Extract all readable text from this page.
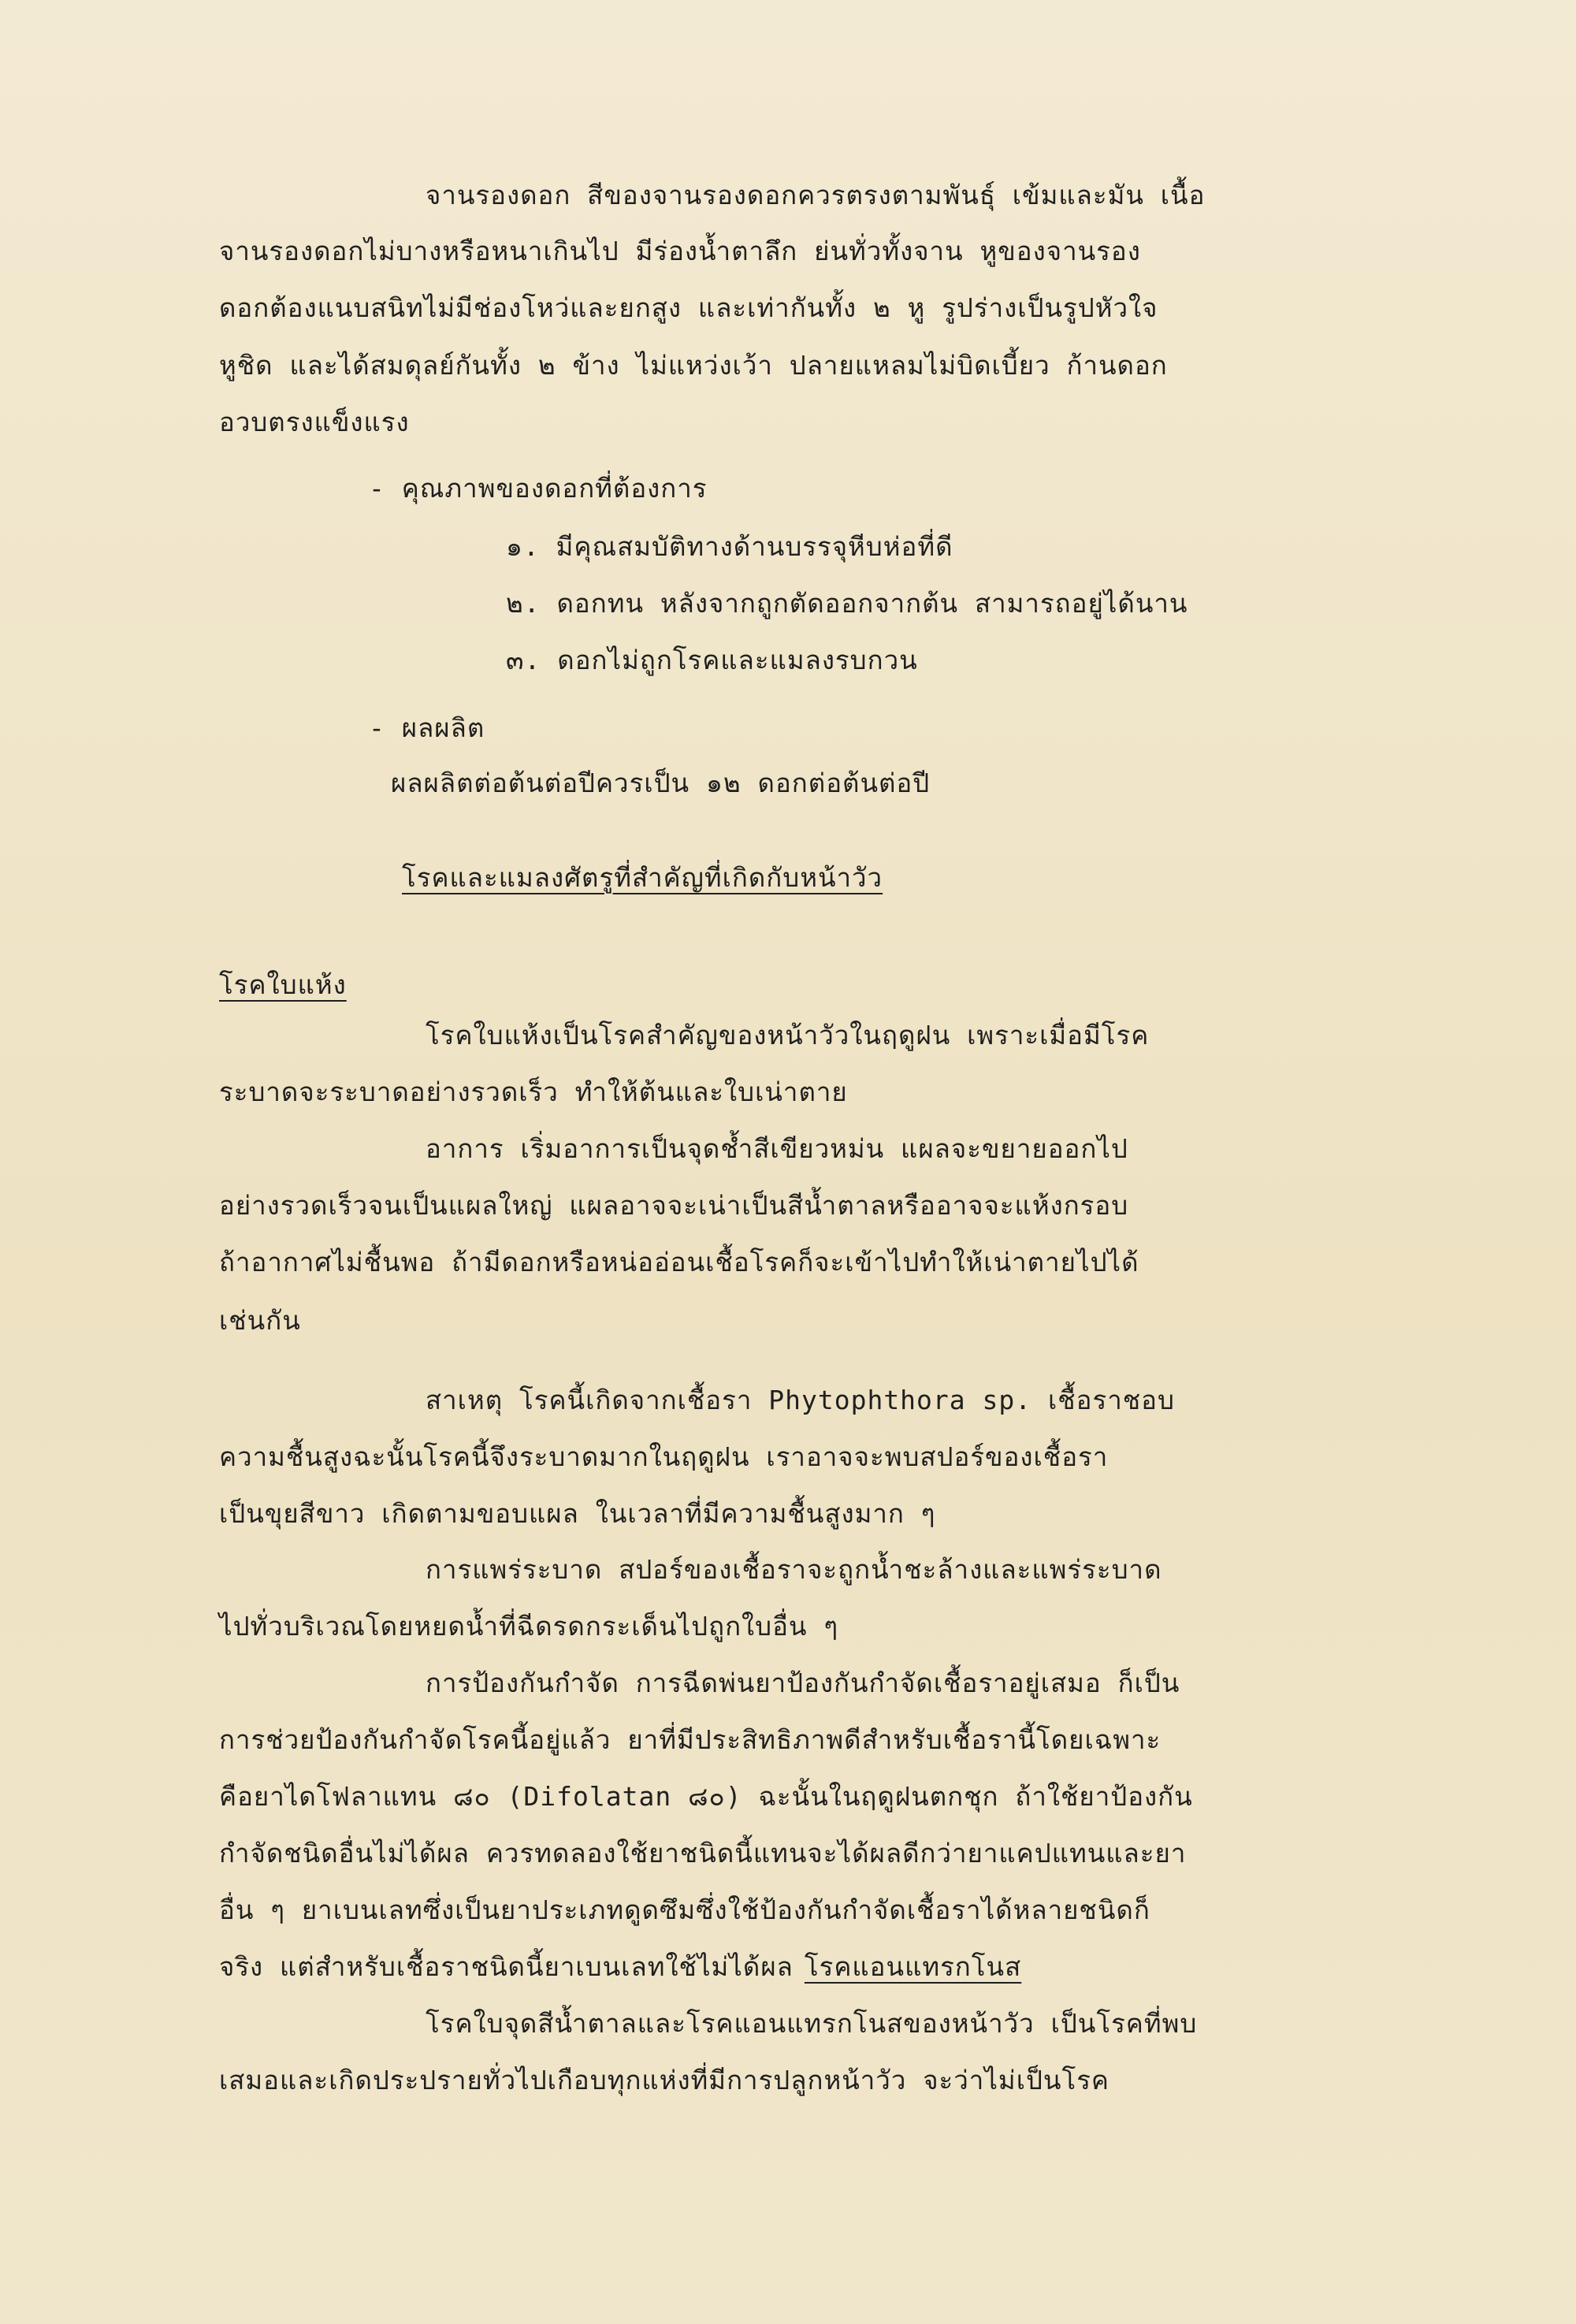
จานรองดอก สีของจานรองดอกควรตรงตามพันธุ์ เข้มและมัน เนื้อ
จานรองดอกไม่บางหรือหนาเกินไป มีร่องน้ำตาลึก ย่นทั่วทั้งจาน หูของจานรอง
ดอกต้องแนบสนิทไม่มีช่องโหว่และยกสูง และเท่ากันทั้ง ๒ หู รูปร่างเป็นรูปหัวใจ
หูชิด และได้สมดุลย์กันทั้ง ๒ ข้าง ไม่แหว่งเว้า ปลายแหลมไม่บิดเบี้ยว ก้านดอก
อวบตรงแข็งแรง
- คุณภาพของดอกที่ต้องการ
๑. มีคุณสมบัติทางด้านบรรจุหีบห่อที่ดี
๒. ดอกทน หลังจากถูกตัดออกจากต้น สามารถอยู่ได้นาน
๓. ดอกไม่ถูกโรคและแมลงรบกวน
- ผลผลิต
ผลผลิตต่อต้นต่อปีควรเป็น ๑๒ ดอกต่อต้นต่อปี
โรคและแมลงศัตรูที่สำคัญที่เกิดกับหน้าวัว
โรคใบแห้ง
โรคใบแห้งเป็นโรคสำคัญของหน้าวัวในฤดูฝน เพราะเมื่อมีโรค
ระบาดจะระบาดอย่างรวดเร็ว ทำให้ต้นและใบเน่าตาย
อาการ เริ่มอาการเป็นจุดช้ำสีเขียวหม่น แผลจะขยายออกไป
อย่างรวดเร็วจนเป็นแผลใหญ่ แผลอาจจะเน่าเป็นสีน้ำตาลหรืออาจจะแห้งกรอบ
ถ้าอากาศไม่ชื้นพอ ถ้ามีดอกหรือหน่ออ่อนเชื้อโรคก็จะเข้าไปทำให้เน่าตายไปได้
เช่นกัน
สาเหตุ โรคนี้เกิดจากเชื้อรา Phytophthora sp. เชื้อราชอบ
ความชื้นสูงฉะนั้นโรคนี้จึงระบาดมากในฤดูฝน เราอาจจะพบสปอร์ของเชื้อรา
เป็นขุยสีขาว เกิดตามขอบแผล ในเวลาที่มีความชื้นสูงมาก ๆ
การแพร่ระบาด สปอร์ของเชื้อราจะถูกน้ำชะล้างและแพร่ระบาด
ไปทั่วบริเวณโดยหยดน้ำที่ฉีดรดกระเด็นไปถูกใบอื่น ๆ
การป้องกันกำจัด การฉีดพ่นยาป้องกันกำจัดเชื้อราอยู่เสมอ ก็เป็น
การช่วยป้องกันกำจัดโรคนี้อยู่แล้ว ยาที่มีประสิทธิภาพดีสำหรับเชื้อรานี้โดยเฉพาะ
คือยาไดโฟลาแทน ๘๐ (Difolatan ๘๐) ฉะนั้นในฤดูฝนตกชุก ถ้าใช้ยาป้องกัน
กำจัดชนิดอื่นไม่ได้ผล ควรทดลองใช้ยาชนิดนี้แทนจะได้ผลดีกว่ายาแคปแทนและยา
อื่น ๆ ยาเบนเลทซึ่งเป็นยาประเภทดูดซึมซึ่งใช้ป้องกันกำจัดเชื้อราได้หลายชนิดก็
จริง แต่สำหรับเชื้อราชนิดนี้ยาเบนเลทใช้ไม่ได้ผล โรคแอนแทรกโนส
โรคใบจุดสีน้ำตาลและโรคแอนแทรกโนสของหน้าวัว เป็นโรคที่พบ
เสมอและเกิดประปรายทั่วไปเกือบทุกแห่งที่มีการปลูกหน้าวัว จะว่าไม่เป็นโรค
